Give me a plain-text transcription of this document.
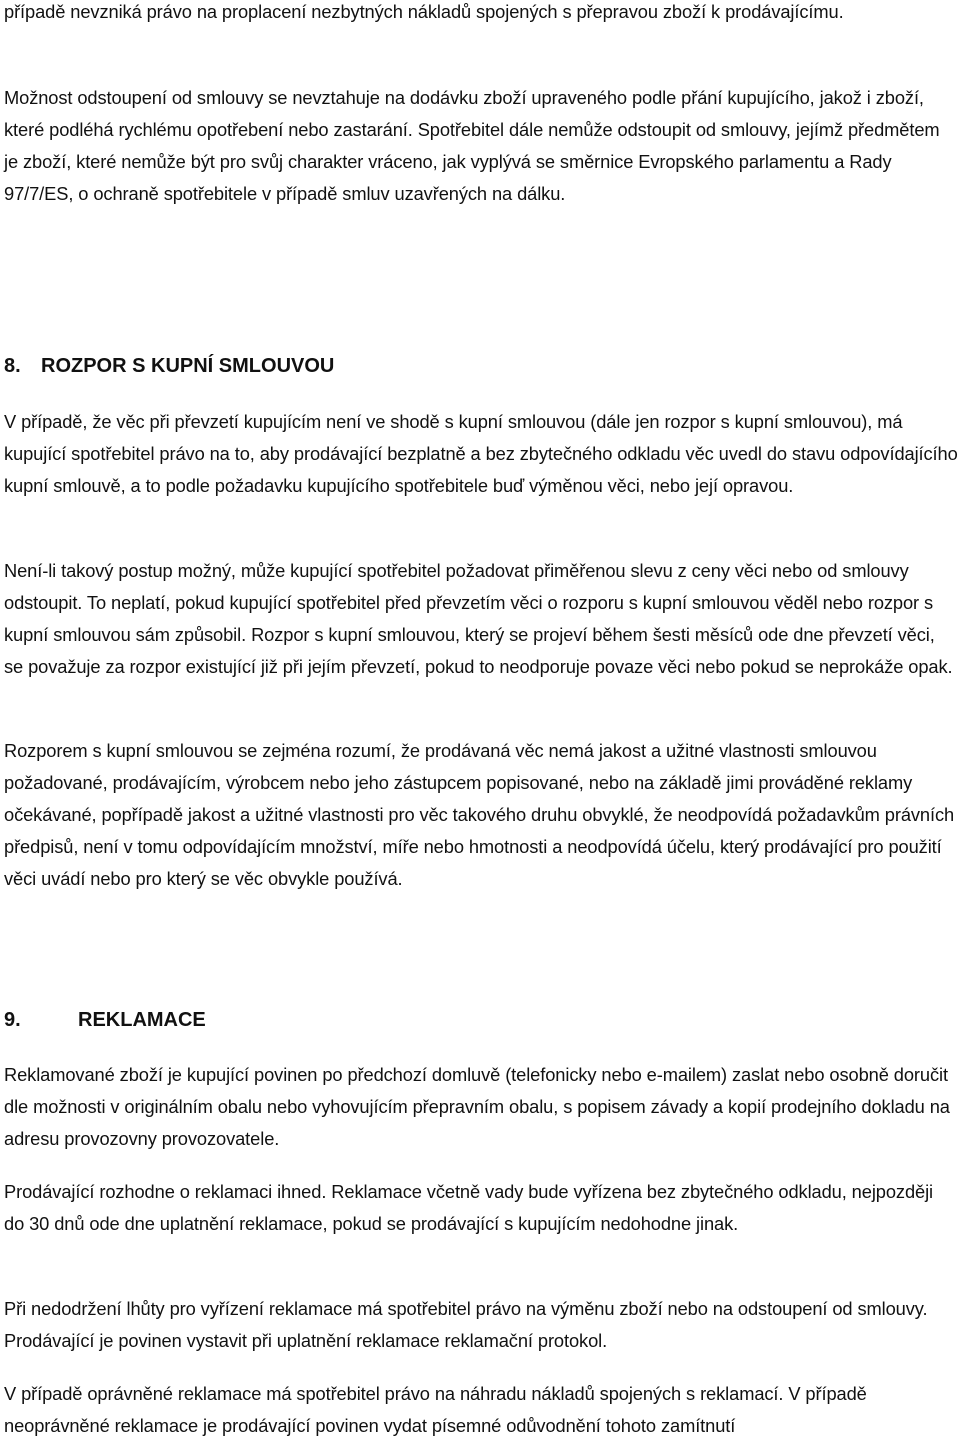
případě nevzniká právo na proplacení nezbytných nákladů spojených s přepravou zboží k prodávajícímu.

Možnost odstoupení od smlouvy se nevztahuje na dodávku zboží upraveného podle přání kupujícího, jakož i zboží, které podléhá rychlému opotřebení nebo zastarání. Spotřebitel dále nemůže odstoupit od smlouvy, jejímž předmětem je zboží, které nemůže být pro svůj charakter vráceno, jak vyplývá se směrnice Evropského parlamentu a Rady 97/7/ES, o ochraně spotřebitele v případě smluv uzavřených na dálku.

8. ROZPOR S KUPNÍ SMLOUVOU

V případě, že věc při převzetí kupujícím není ve shodě s kupní smlouvou (dále jen rozpor s kupní smlouvou), má kupující spotřebitel právo na to, aby prodávající bezplatně a bez zbytečného odkladu věc uvedl do stavu odpovídajícího kupní smlouvě, a to podle požadavku kupujícího spotřebitele buď výměnou věci, nebo její opravou.

Není-li takový postup možný, může kupující spotřebitel požadovat přiměřenou slevu z ceny věci nebo od smlouvy odstoupit. To neplatí, pokud kupující spotřebitel před převzetím věci o rozporu s kupní smlouvou věděl nebo rozpor s kupní smlouvou sám způsobil. Rozpor s kupní smlouvou, který se projeví během šesti měsíců ode dne převzetí věci, se považuje za rozpor existující již při jejím převzetí, pokud to neodporuje povaze věci nebo pokud se neprokáže opak.

Rozporem s kupní smlouvou se zejména rozumí, že prodávaná věc nemá jakost a užitné vlastnosti smlouvou požadované, prodávajícím, výrobcem nebo jeho zástupcem popisované, nebo na základě jimi prováděné reklamy očekávané, popřípadě jakost a užitné vlastnosti pro věc takového druhu obvyklé, že neodpovídá požadavkům právních předpisů, není v tomu odpovídajícím množství, míře nebo hmotnosti a neodpovídá účelu, který prodávající pro použití věci uvádí nebo pro který se věc obvykle používá.

9.	REKLAMACE

Reklamované zboží je kupující povinen po předchozí domluvě (telefonicky nebo e-mailem) zaslat nebo osobně doručit dle možnosti v originálním obalu nebo vyhovujícím přepravním obalu, s popisem závady a kopií prodejního dokladu na adresu provozovny provozovatele.

Prodávající rozhodne o reklamaci ihned. Reklamace včetně vady bude vyřízena bez zbytečného odkladu, nejpozději do 30 dnů ode dne uplatnění reklamace, pokud se prodávající s kupujícím nedohodne jinak.

Při nedodržení lhůty pro vyřízení reklamace má spotřebitel právo na výměnu zboží nebo na odstoupení od smlouvy. Prodávající je povinen vystavit při uplatnění reklamace reklamační protokol.

V případě oprávněné reklamace má spotřebitel právo na náhradu nákladů spojených s reklamací. V případě neoprávněné reklamace je prodávající povinen vydat písemné odůvodnění tohoto zamítnutí
